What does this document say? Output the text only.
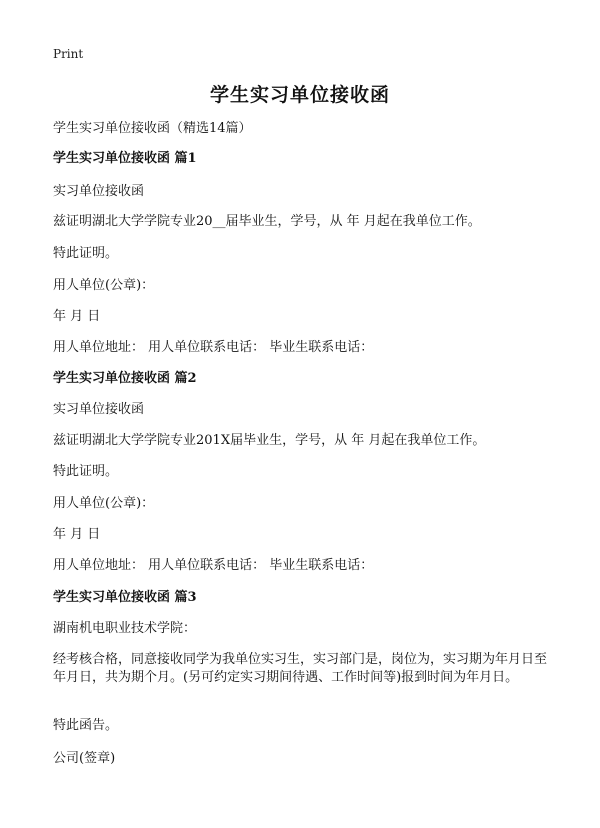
Print
学生实习单位接收函
学生实习单位接收函（精选14篇）
学生实习单位接收函 篇1
实习单位接收函
兹证明湖北大学学院专业20__届毕业生，学号，从 年 月起在我单位工作。
特此证明。
用人单位(公章)：
年 月 日
用人单位地址： 用人单位联系电话： 毕业生联系电话：
学生实习单位接收函 篇2
实习单位接收函
兹证明湖北大学学院专业201X届毕业生，学号，从 年 月起在我单位工作。
特此证明。
用人单位(公章)：
年 月 日
用人单位地址： 用人单位联系电话： 毕业生联系电话：
学生实习单位接收函 篇3
湖南机电职业技术学院：
经考核合格，同意接收同学为我单位实习生，实习部门是，岗位为，实习期为年月日至年月日，共为期个月。(另可约定实习期间待遇、工作时间等)报到时间为年月日。
特此函告。
公司(签章)
